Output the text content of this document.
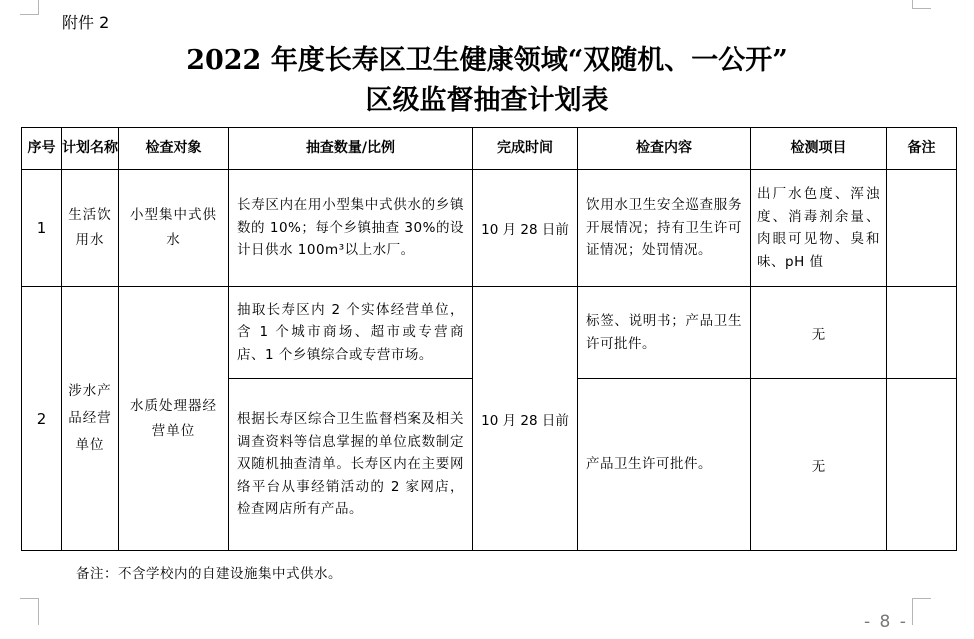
附件 2
2022 年度长寿区卫生健康领域“双随机、一公开”
区级监督抽查计划表
序号	计划名称	检查对象	抽查数量/比例	完成时间	检查内容	检测项目	备注
1	生活饮用水	小型集中式供水	长寿区内在用小型集中式供水的乡镇数的 10%；每个乡镇抽查 30%的设计日供水 100m³以上水厂。	10 月 28 日前	饮用水卫生安全巡查服务开展情况；持有卫生许可证情况；处罚情况。	出厂水色度、浑浊度、消毒剂余量、肉眼可见物、臭和味、pH 值	

2	涉水产品经营单位	水质处理器经营单位	抽取长寿区内 2 个实体经营单位，含 1 个城市商场、超市或专营商店、1 个乡镇综合或专营市场。	10 月 28 日前	标签、说明书；产品卫生许可批件。	无	

			根据长寿区综合卫生监督档案及相关调查资料等信息掌握的单位底数制定双随机抽查清单。长寿区内在主要网络平台从事经销活动的 2 家网店，检查网店所有产品。		产品卫生许可批件。	无	
备注：不含学校内的自建设施集中式供水。
- 8 -
